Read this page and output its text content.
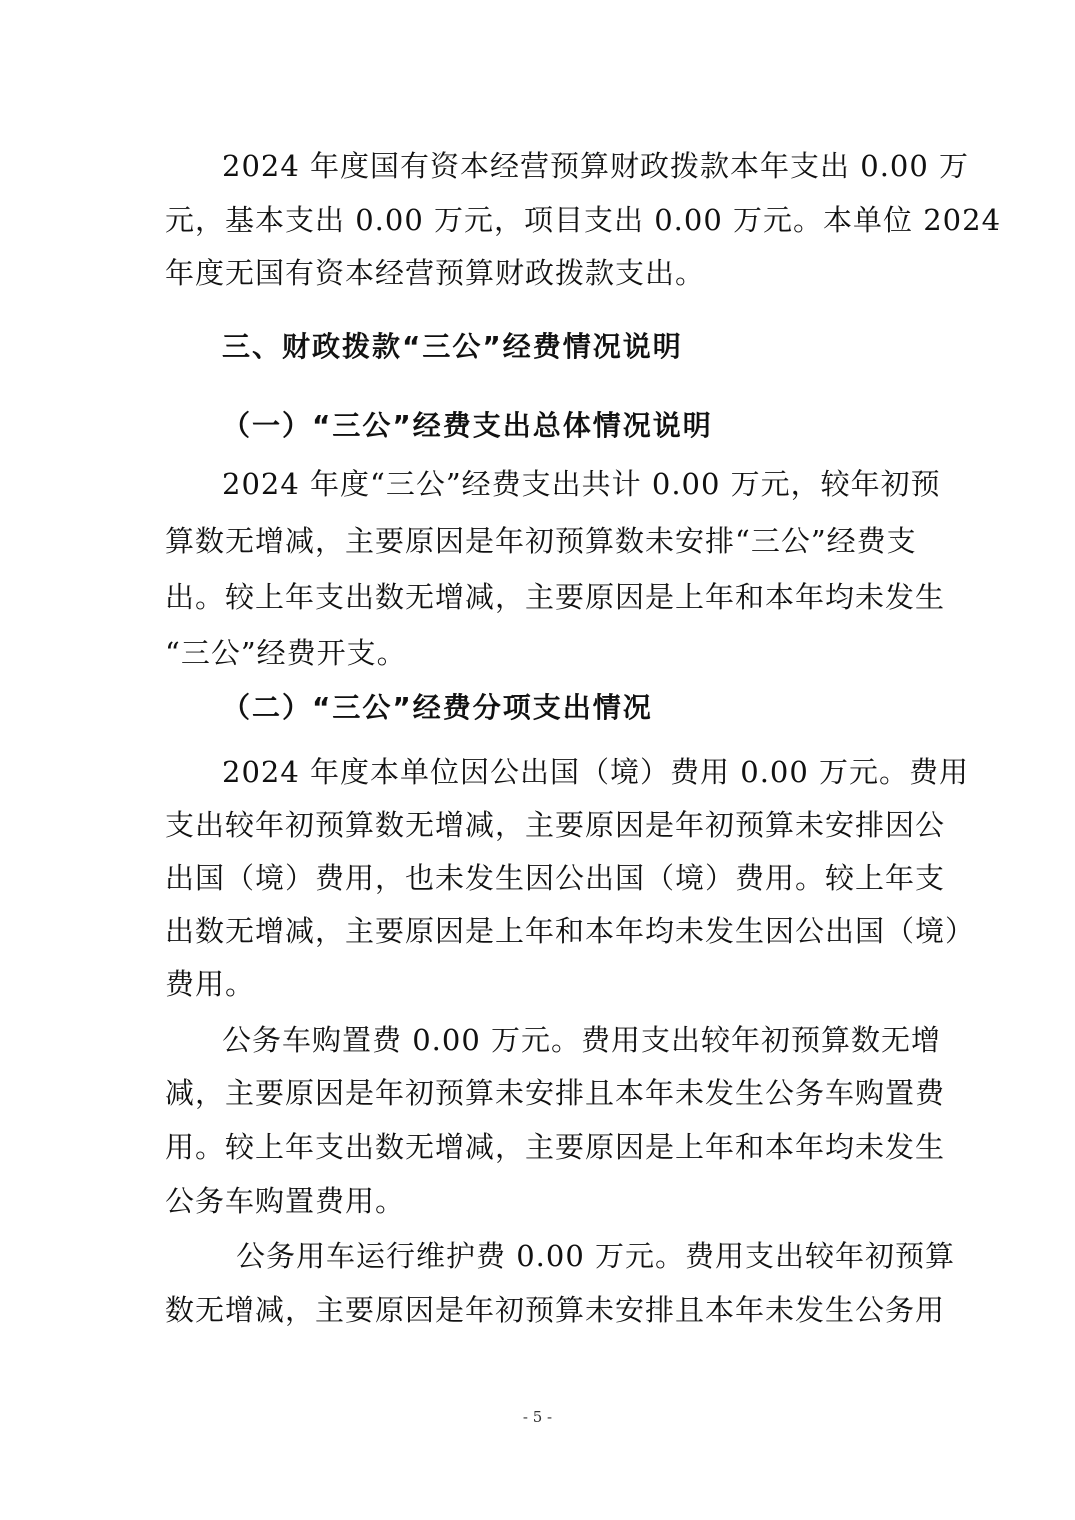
2024 年度国有资本经营预算财政拨款本年支出 0.00 万
元，基本支出 0.00 万元，项目支出 0.00 万元。本单位 2024
年度无国有资本经营预算财政拨款支出。
三、财政拨款“三公”经费情况说明
（一）“三公”经费支出总体情况说明
2024 年度“三公”经费支出共计 0.00 万元，较年初预
算数无增减，主要原因是年初预算数未安排“三公”经费支
出。较上年支出数无增减，主要原因是上年和本年均未发生
“三公”经费开支。
（二）“三公”经费分项支出情况
2024 年度本单位因公出国（境）费用 0.00 万元。费用
支出较年初预算数无增减，主要原因是年初预算未安排因公
出国（境）费用，也未发生因公出国（境）费用。较上年支
出数无增减，主要原因是上年和本年均未发生因公出国（境）
费用。
公务车购置费 0.00 万元。费用支出较年初预算数无增
减，主要原因是年初预算未安排且本年未发生公务车购置费
用。较上年支出数无增减，主要原因是上年和本年均未发生
公务车购置费用。
公务用车运行维护费 0.00 万元。费用支出较年初预算
数无增减，主要原因是年初预算未安排且本年未发生公务用
- 5 -
